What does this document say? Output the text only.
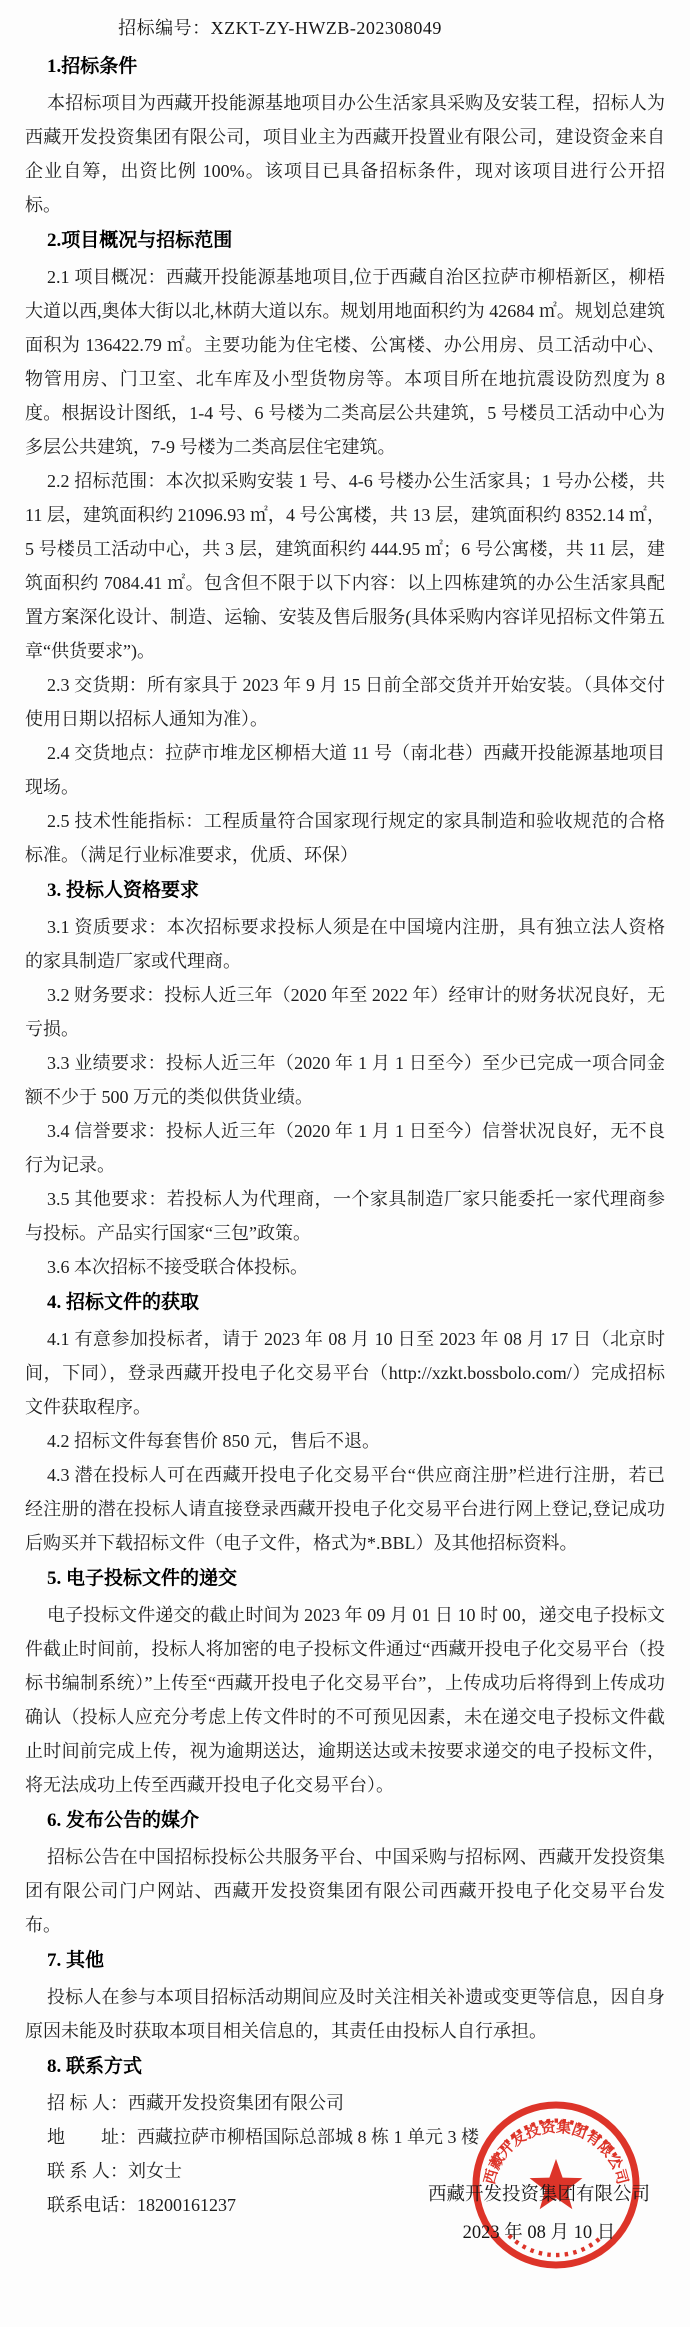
招标编号：XZKT-ZY-HWZB-202308049
1.招标条件

本招标项目为西藏开投能源基地项目办公生活家具采购及安装工程，招标人为西藏开发投资集团有限公司，项目业主为西藏开投置业有限公司，建设资金来自企业自筹，出资比例 100%。该项目已具备招标条件，现对该项目进行公开招标。

2.项目概况与招标范围

2.1 项目概况：西藏开投能源基地项目,位于西藏自治区拉萨市柳梧新区，柳梧大道以西,奥体大街以北,林荫大道以东。规划用地面积约为 42684 ㎡。规划总建筑面积为 136422.79 ㎡。主要功能为住宅楼、公寓楼、办公用房、员工活动中心、物管用房、门卫室、北车库及小型货物房等。本项目所在地抗震设防烈度为 8 度。根据设计图纸，1-4 号、6 号楼为二类高层公共建筑，5 号楼员工活动中心为多层公共建筑，7-9 号楼为二类高层住宅建筑。

2.2 招标范围：本次拟采购安装 1 号、4-6 号楼办公生活家具；1 号办公楼，共 11 层，建筑面积约 21096.93 ㎡，4 号公寓楼，共 13 层，建筑面积约 8352.14 ㎡，5 号楼员工活动中心，共 3 层，建筑面积约 444.95 ㎡；6 号公寓楼，共 11 层，建筑面积约 7084.41 ㎡。包含但不限于以下内容：以上四栋建筑的办公生活家具配置方案深化设计、制造、运输、安装及售后服务(具体采购内容详见招标文件第五章“供货要求”)。

2.3 交货期：所有家具于 2023 年 9 月 15 日前全部交货并开始安装。（具体交付使用日期以招标人通知为准）。

2.4 交货地点：拉萨市堆龙区柳梧大道 11 号（南北巷）西藏开投能源基地项目现场。

2.5 技术性能指标：工程质量符合国家现行规定的家具制造和验收规范的合格标准。（满足行业标准要求，优质、环保）

3. 投标人资格要求

3.1 资质要求：本次招标要求投标人须是在中国境内注册，具有独立法人资格的家具制造厂家或代理商。

3.2 财务要求：投标人近三年（2020 年至 2022 年）经审计的财务状况良好，无亏损。

3.3 业绩要求：投标人近三年（2020 年 1 月 1 日至今）至少已完成一项合同金额不少于 500 万元的类似供货业绩。

3.4 信誉要求：投标人近三年（2020 年 1 月 1 日至今）信誉状况良好，无不良行为记录。

3.5 其他要求：若投标人为代理商，一个家具制造厂家只能委托一家代理商参与投标。产品实行国家“三包”政策。

3.6 本次招标不接受联合体投标。

4. 招标文件的获取

4.1 有意参加投标者，请于 2023 年 08 月 10 日至 2023 年 08 月 17 日（北京时间，下同），登录西藏开投电子化交易平台（http://xzkt.bossbolo.com/）完成招标文件获取程序。

4.2 招标文件每套售价 850 元，售后不退。

4.3 潜在投标人可在西藏开投电子化交易平台“供应商注册”栏进行注册，若已经注册的潜在投标人请直接登录西藏开投电子化交易平台进行网上登记,登记成功后购买并下载招标文件（电子文件，格式为*.BBL）及其他招标资料。

5. 电子投标文件的递交

电子投标文件递交的截止时间为 2023 年 09 月 01 日 10 时 00，递交电子投标文件截止时间前，投标人将加密的电子投标文件通过“西藏开投电子化交易平台（投标书编制系统）”上传至“西藏开投电子化交易平台”，上传成功后将得到上传成功确认（投标人应充分考虑上传文件时的不可预见因素，未在递交电子投标文件截止时间前完成上传，视为逾期送达，逾期送达或未按要求递交的电子投标文件，将无法成功上传至西藏开投电子化交易平台）。

6. 发布公告的媒介

招标公告在中国招标投标公共服务平台、中国采购与招标网、西藏开发投资集团有限公司门户网站、西藏开发投资集团有限公司西藏开投电子化交易平台发布。

7. 其他

投标人在参与本项目招标活动期间应及时关注相关补遗或变更等信息，因自身原因未能及时获取本项目相关信息的，其责任由投标人自行承担。

8. 联系方式

招 标 人：西藏开发投资集团有限公司

地　　址：西藏拉萨市柳梧国际总部城 8 栋 1 单元 3 楼

联 系 人：刘女士

联系电话：18200161237	西藏开发投资集团有限公司
2023 年 08 月 10 日
西藏开发投资集团有限公司
